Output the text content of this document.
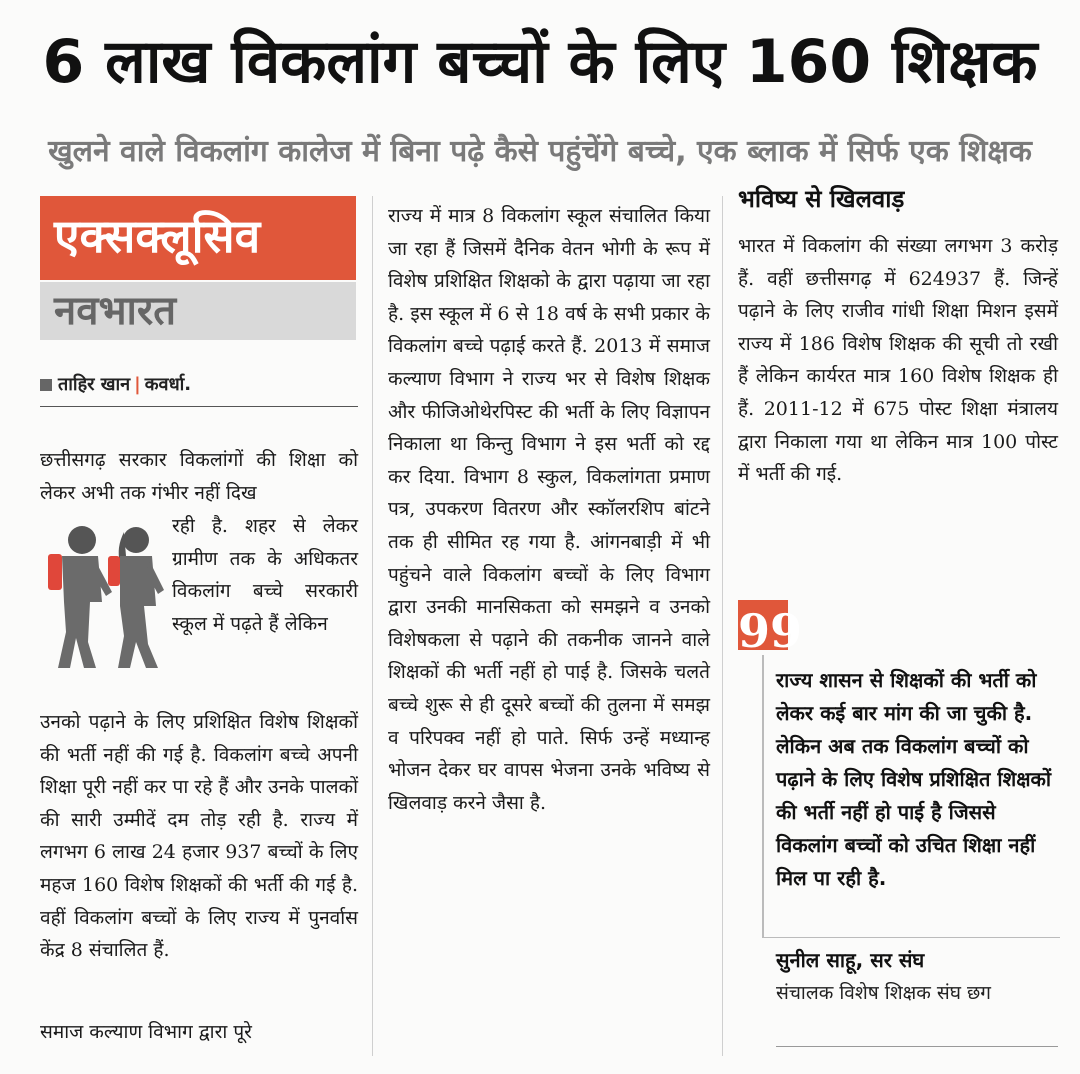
6 लाख विकलांग बच्चों के लिए 160 शिक्षक
खुलने वाले विकलांग कालेज में बिना पढ़े कैसे पहुंचेंगे बच्चे, एक ब्लाक में सिर्फ एक शिक्षक
एक्सक्लूसिव
नवभारत
ताहिर खान | कवर्धा.
छत्तीसगढ़ सरकार विकलांगों की शिक्षा को लेकर अभी तक गंभीर नहीं दिख
रही है. शहर से लेकर ग्रामीण तक के अधिकतर विकलांग बच्चे सरकारी स्कूल में पढ़ते हैं लेकिन
उनको पढ़ाने के लिए प्रशिक्षित विशेष शिक्षकों की भर्ती नहीं की गई है. विकलांग बच्चे अपनी शिक्षा पूरी नहीं कर पा रहे हैं और उनके पालकों की सारी उम्मीदें दम तोड़ रही है. राज्य में लगभग 6 लाख 24 हजार 937 बच्चों के लिए महज 160 विशेष शिक्षकों की भर्ती की गई है. वहीं विकलांग बच्चों के लिए राज्य में पुनर्वास केंद्र 8 संचालित हैं.
समाज कल्याण विभाग द्वारा पूरे
राज्य में मात्र 8 विकलांग स्कूल संचालित किया जा रहा हैं जिसमें दैनिक वेतन भोगी के रूप में विशेष प्रशिक्षित शिक्षको के द्वारा पढ़ाया जा रहा है. इस स्कूल में 6 से 18 वर्ष के सभी प्रकार के विकलांग बच्चे पढ़ाई करते हैं. 2013 में समाज कल्याण विभाग ने राज्य भर से विशेष शिक्षक और फीजिओथेरपिस्ट की भर्ती के लिए विज्ञापन निकाला था किन्तु विभाग ने इस भर्ती को रद्द कर दिया. विभाग 8 स्कुल, विकलांगता प्रमाण पत्र, उपकरण वितरण और स्कॉलरशिप बांटने तक ही सीमित रह गया है. आंगनबाड़ी में भी पहुंचने वाले विकलांग बच्चों के लिए विभाग द्वारा उनकी मानसिकता को समझने व उनको विशेषकला से पढ़ाने की तकनीक जानने वाले शिक्षकों की भर्ती नहीं हो पाई है. जिसके चलते बच्चे शुरू से ही दूसरे बच्चों की तुलना में समझ व परिपक्व नहीं हो पाते. सिर्फ उन्हें मध्यान्ह भोजन देकर घर वापस भेजना उनके भविष्य से खिलवाड़ करने जैसा है.
भविष्य से खिलवाड़
भारत में विकलांग की संख्या लगभग 3 करोड़ हैं. वहीं छत्तीसगढ़ में 624937 हैं. जिन्हें पढ़ाने के लिए राजीव गांधी शिक्षा मिशन इसमें राज्य में 186 विशेष शिक्षक की सूची तो रखी हैं लेकिन कार्यरत मात्र 160 विशेष शिक्षक ही हैं. 2011-12 में 675 पोस्ट शिक्षा मंत्रालय द्वारा निकाला गया था लेकिन मात्र 100 पोस्ट में भर्ती की गई.
99
राज्य शासन से शिक्षकों की भर्ती को लेकर कई बार मांग की जा चुकी है. लेकिन अब तक विकलांग बच्चों को पढ़ाने के लिए विशेष प्रशिक्षित शिक्षकों की भर्ती नहीं हो पाई है जिससे विकलांग बच्चों को उचित शिक्षा नहीं मिल पा रही है.
सुनील साहू, सर संघ
संचालक विशेष शिक्षक संघ छग
